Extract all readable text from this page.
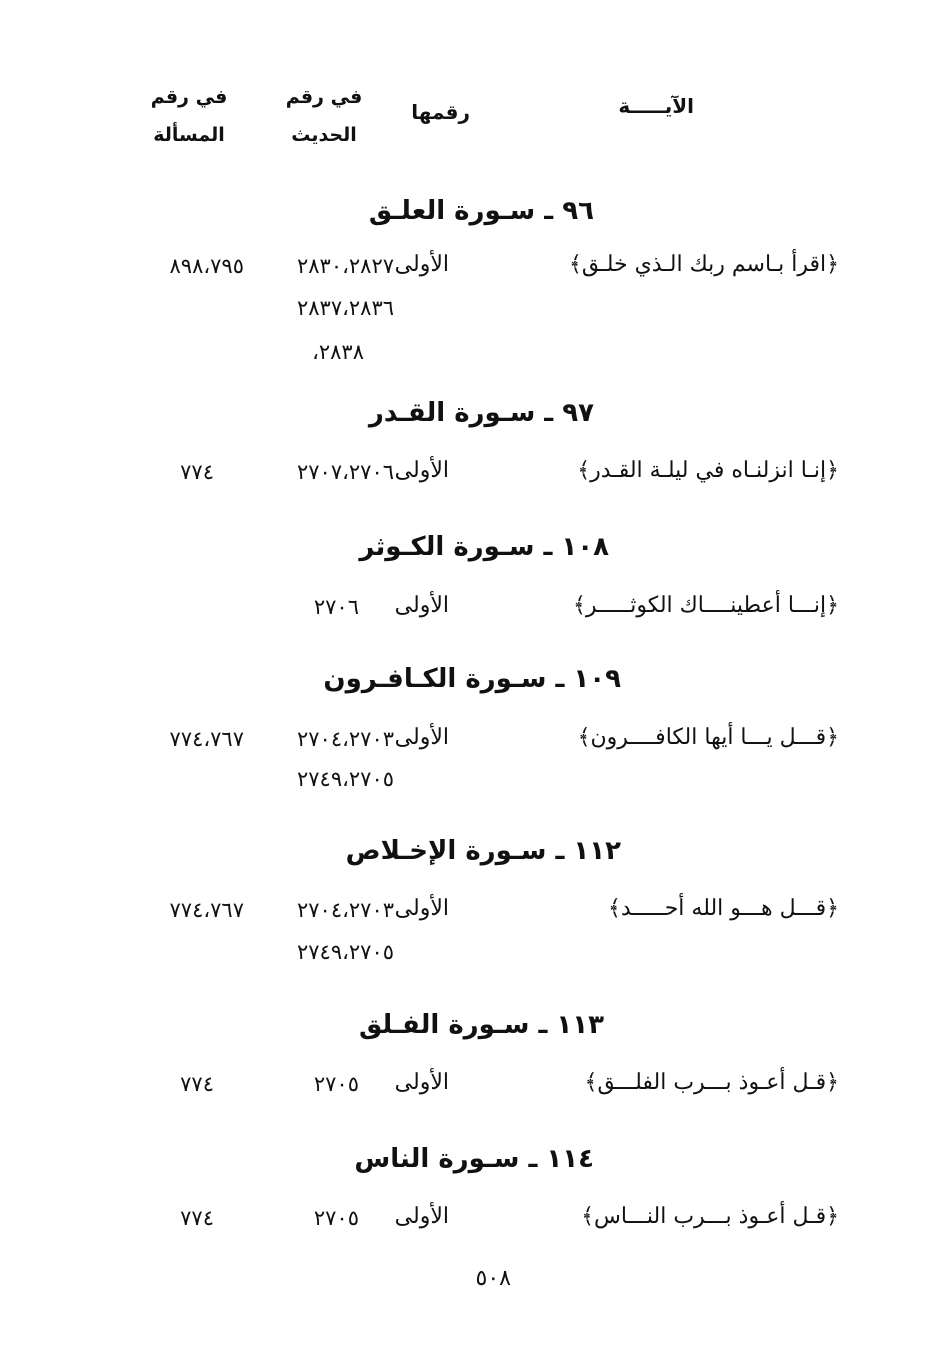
الآيـــــة
رقمها
في رقم
الحديث
في رقم
المسألة
٩٦ ـ سـورة العلـق
﴿اقرأ بـاسم ربك الـذي خلـق﴾
الأولى
٢٨٣٠،٢٨٢٧
٢٨٣٧،٢٨٣٦
٢٨٣٨،
٨٩٨،٧٩٥
٩٧ ـ سـورة القـدر
﴿إنـا انزلنـاه في ليلـة القـدر﴾
الأولى
٢٧٠٧،٢٧٠٦
٧٧٤
١٠٨ ـ سـورة الكـوثر
﴿إنـــا أعطينــــاك الكوثـــــر﴾
الأولى
٢٧٠٦
١٠٩ ـ سـورة الكـافـرون
﴿قـــل يـــا أيها الكافــــرون﴾
الأولى
٢٧٠٤،٢٧٠٣
٢٧٤٩،٢٧٠٥
٧٧٤،٧٦٧
١١٢ ـ سـورة الإخـلاص
﴿قـــل هـــو الله أحـــــد﴾
الأولى
٢٧٠٤،٢٧٠٣
٢٧٤٩،٢٧٠٥
٧٧٤،٧٦٧
١١٣ ـ سـورة الفـلق
﴿قـل أعـوذ بـــرب الفلـــق﴾
الأولى
٢٧٠٥
٧٧٤
١١٤ ـ سـورة الناس
﴿قـل أعـوذ بـــرب النـــاس﴾
الأولى
٢٧٠٥
٧٧٤
٥٠٨
